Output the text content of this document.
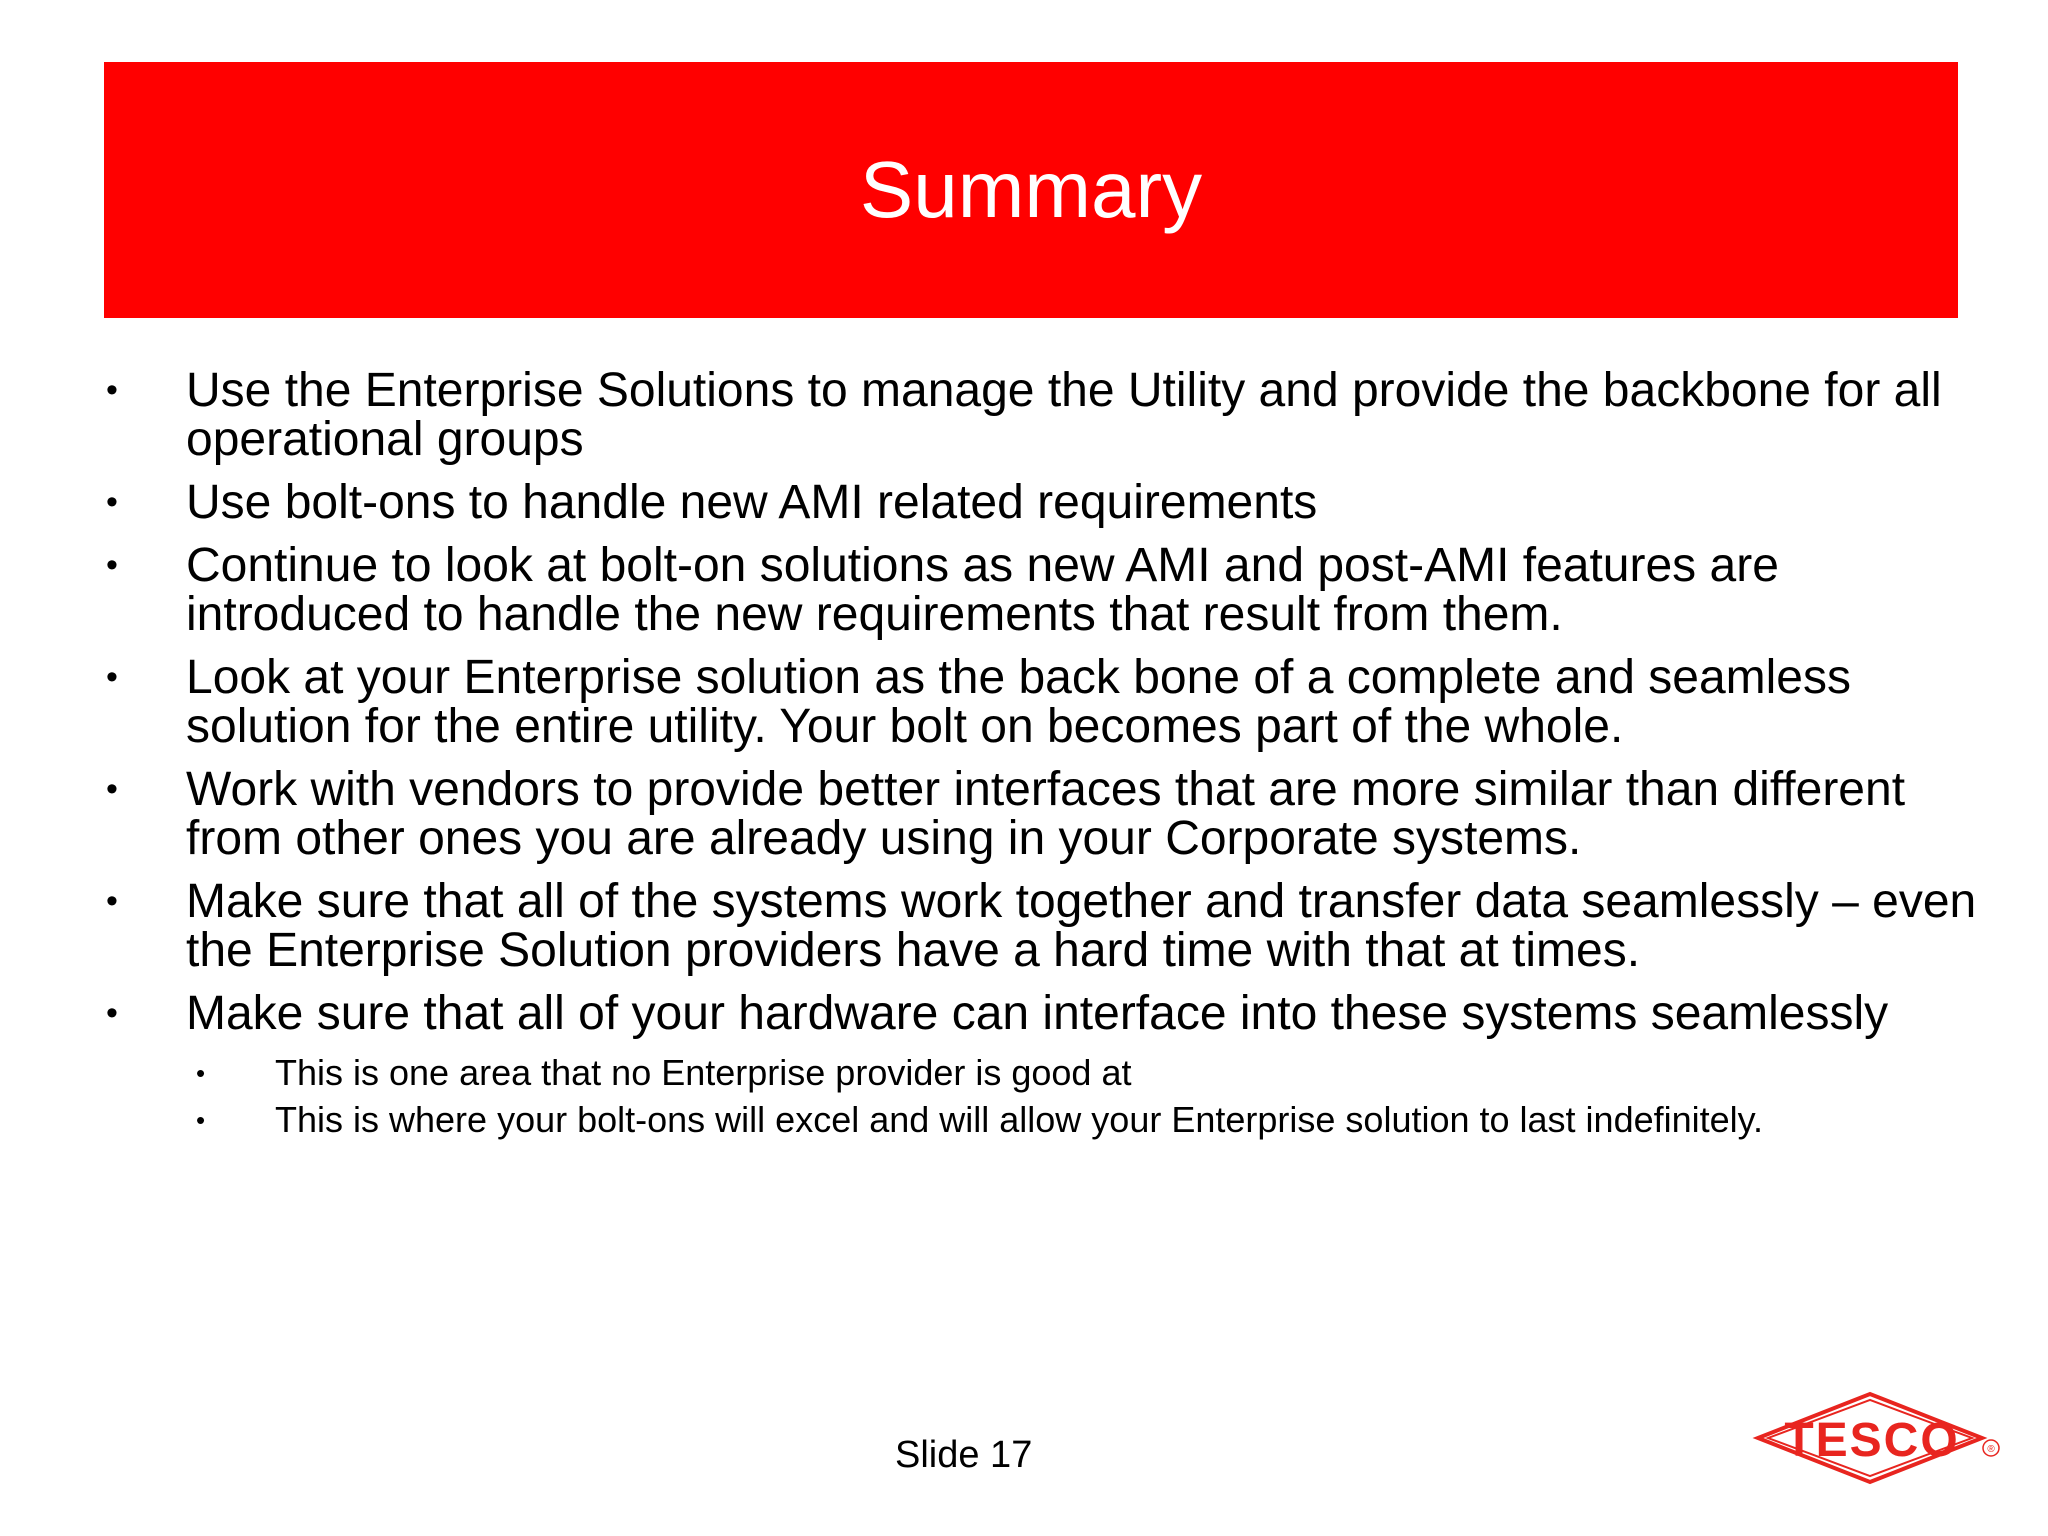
Summary
• Use the Enterprise Solutions to manage the Utility and provide the backbone for all operational groups
• Use bolt-ons to handle new AMI related requirements
• Continue to look at bolt-on solutions as new AMI and post-AMI features are introduced to handle the new requirements that result from them.
• Look at your Enterprise solution as the back bone of a complete and seamless solution for the entire utility. Your bolt on becomes part of the whole.
• Work with vendors to provide better interfaces that are more similar than different from other ones you are already using in your Corporate systems.
• Make sure that all of the systems work together and transfer data seamlessly – even the Enterprise Solution providers have a hard time with that at times.
• Make sure that all of your hardware can interface into these systems seamlessly
• This is one area that no Enterprise provider is good at
• This is where your bolt-ons will excel and will allow your Enterprise solution to last indefinitely.
Slide 17	TESCO	®
